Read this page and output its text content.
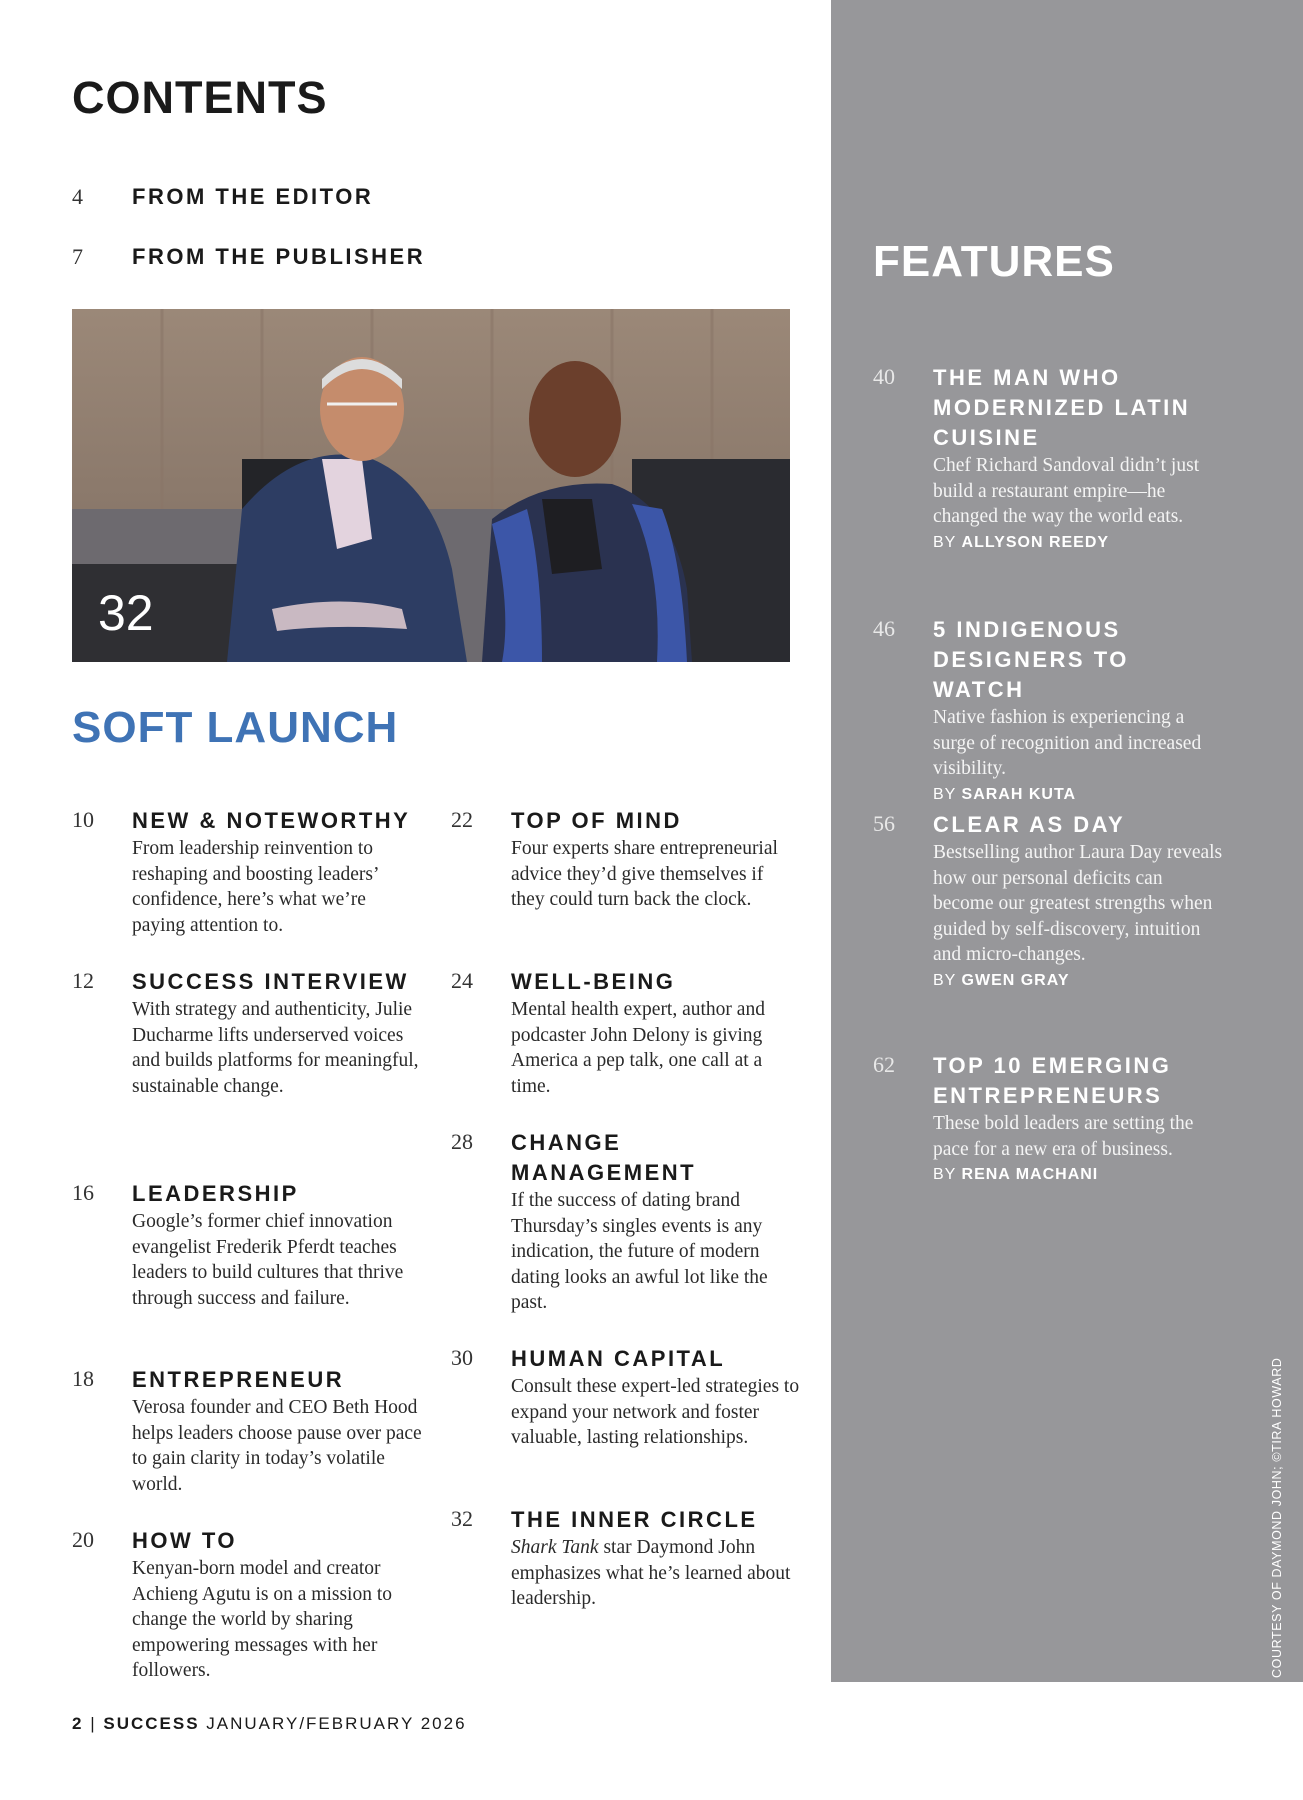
CONTENTS
4	FROM THE EDITOR
7	FROM THE PUBLISHER
32
SOFT LAUNCH
10	NEW & NOTEWORTHY
From leadership reinvention to reshaping and boosting leaders’ confidence, here’s what we’re paying attention to.
12	SUCCESS INTERVIEW
With strategy and authenticity, Julie Ducharme lifts underserved voices and builds platforms for meaningful, sustainable change.
16	LEADERSHIP
Google’s former chief innovation evangelist Frederik Pferdt teaches leaders to build cultures that thrive through success and failure.
18	ENTREPRENEUR
Verosa founder and CEO Beth Hood helps leaders choose pause over pace to gain clarity in today’s volatile world.
20	HOW TO
Kenyan-born model and creator Achieng Agutu is on a mission to change the world by sharing empowering messages with her followers.
22	TOP OF MIND
Four experts share entrepreneurial advice they’d give themselves if they could turn back the clock.
24	WELL-BEING
Mental health expert, author and podcaster John Delony is giving America a pep talk, one call at a time.
28	CHANGE MANAGEMENT
If the success of dating brand Thursday’s singles events is any indication, the future of modern dating looks an awful lot like the past.
30	HUMAN CAPITAL
Consult these expert-led strategies to expand your network and foster valuable, lasting relationships.
32	THE INNER CIRCLE
Shark Tank star Daymond John emphasizes what he’s learned about leadership.
FEATURES
40	THE MAN WHO MODERNIZED LATIN CUISINE
Chef Richard Sandoval didn’t just build a restaurant empire—he changed the way the world eats.
BY ALLYSON REEDY
46	5 INDIGENOUS DESIGNERS TO WATCH
Native fashion is experiencing a surge of recognition and increased visibility.
BY SARAH KUTA
56	CLEAR AS DAY
Bestselling author Laura Day reveals how our personal deficits can become our greatest strengths when guided by self-discovery, intuition and micro-changes.
BY GWEN GRAY
62	TOP 10 EMERGING ENTREPRENEURS
These bold leaders are setting the pace for a new era of business.
BY RENA MACHANI
COURTESY OF DAYMOND JOHN; ©TIRA HOWARD
2 | SUCCESS JANUARY/FEBRUARY 2026
